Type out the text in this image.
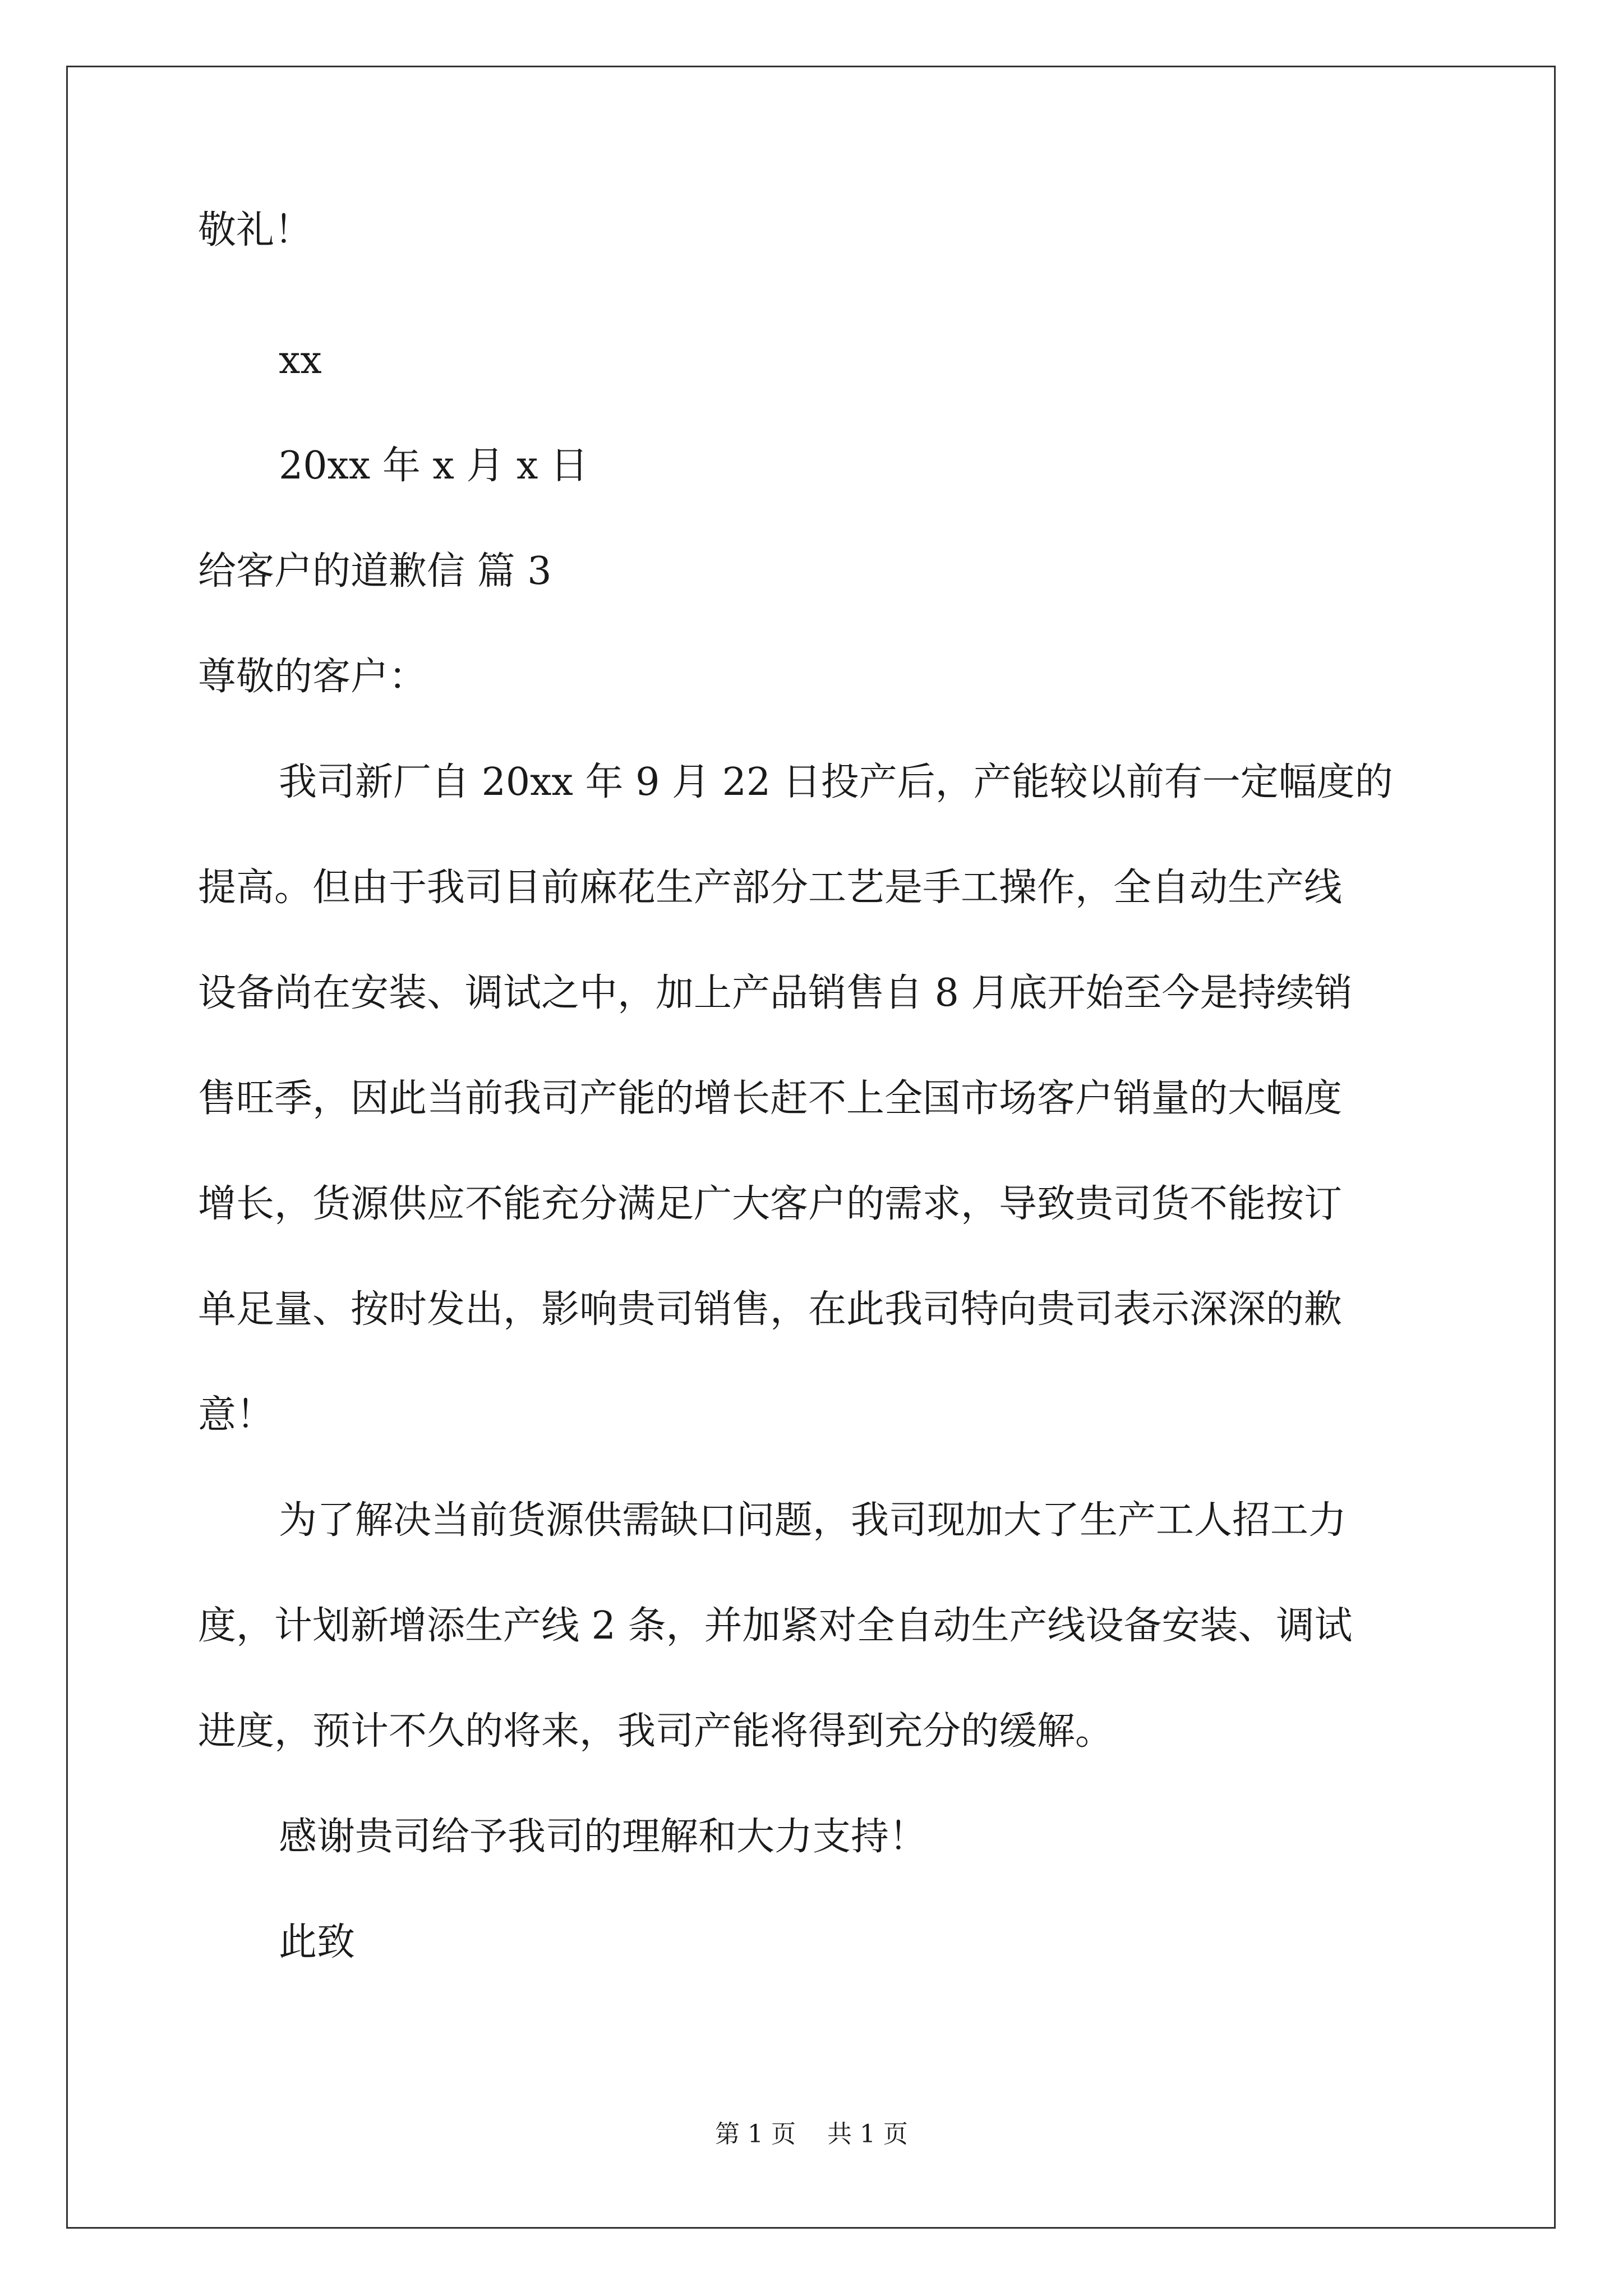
敬礼！
xx
20xx 年 x 月 x 日
给客户的道歉信 篇 3
尊敬的客户：
我司新厂自 20xx 年 9 月 22 日投产后，产能较以前有一定幅度的
提高。但由于我司目前麻花生产部分工艺是手工操作，全自动生产线
设备尚在安装、调试之中，加上产品销售自 8 月底开始至今是持续销
售旺季，因此当前我司产能的增长赶不上全国市场客户销量的大幅度
增长，货源供应不能充分满足广大客户的需求，导致贵司货不能按订
单足量、按时发出，影响贵司销售，在此我司特向贵司表示深深的歉
意！
为了解决当前货源供需缺口问题，我司现加大了生产工人招工力
度，计划新增添生产线 2 条，并加紧对全自动生产线设备安装、调试
进度，预计不久的将来，我司产能将得到充分的缓解。
感谢贵司给予我司的理解和大力支持！
此致
第 1 页    共 1 页
